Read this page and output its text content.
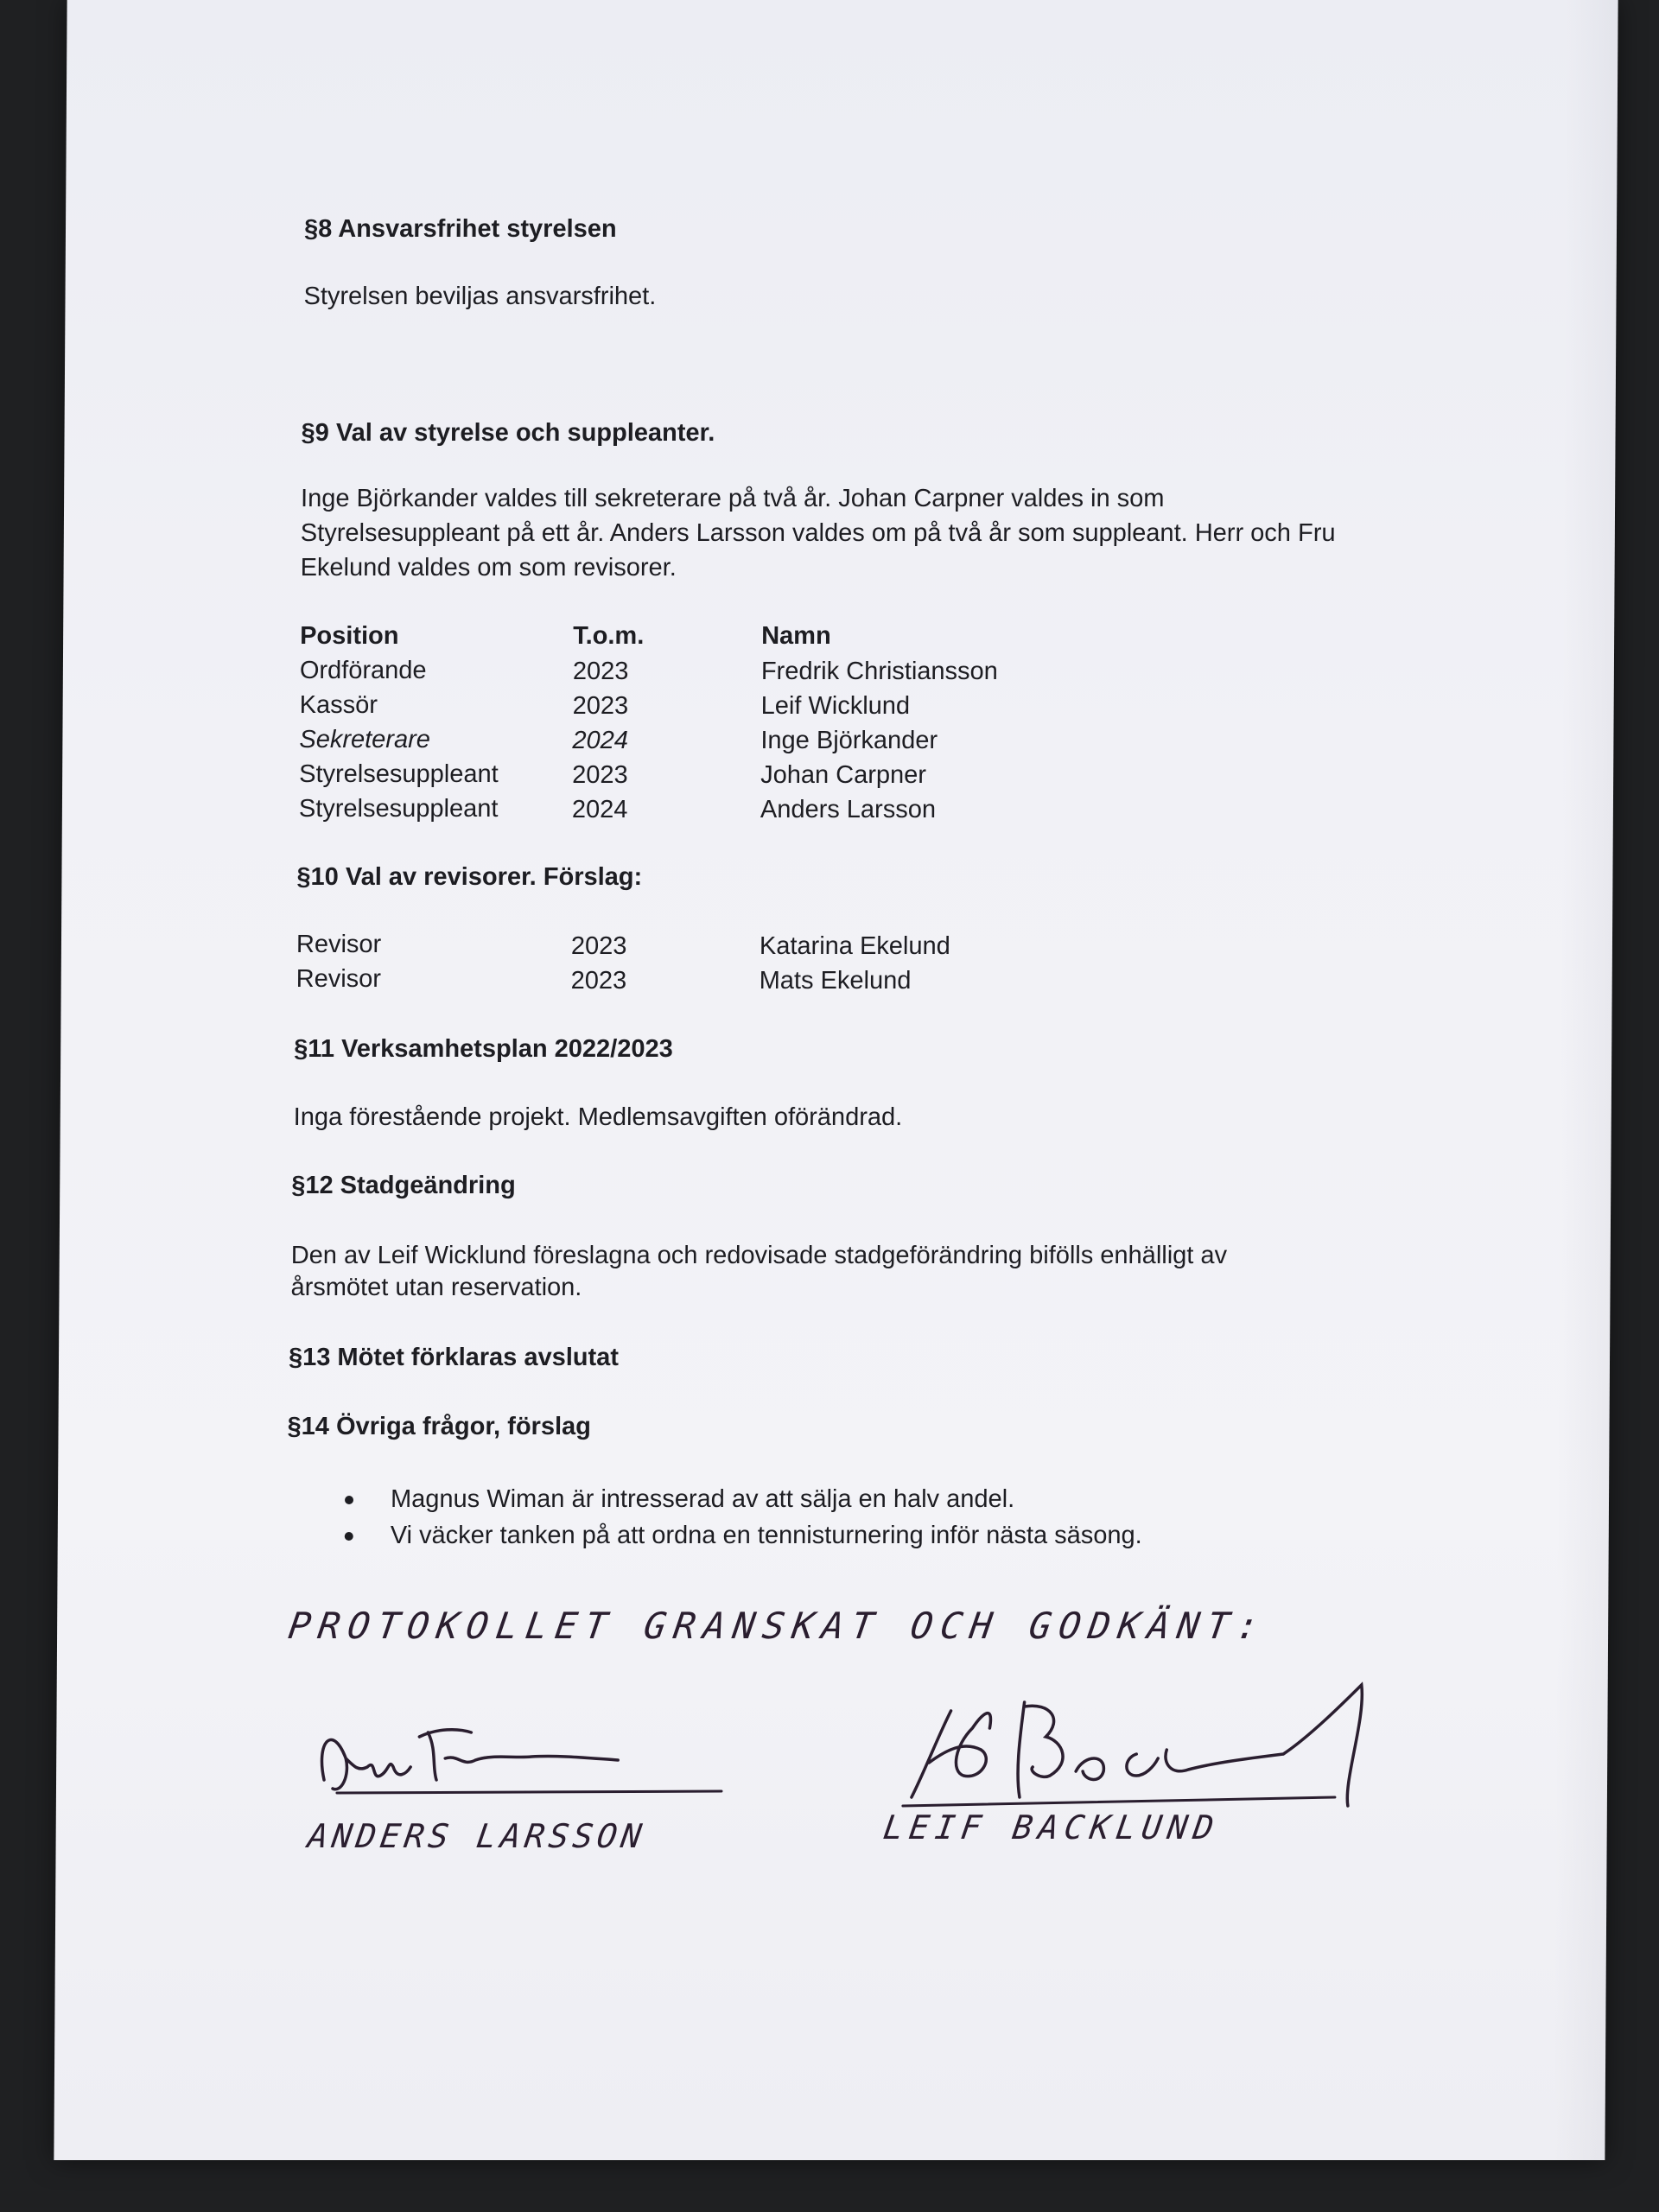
§8 Ansvarsfrihet styrelsen
Styrelsen beviljas ansvarsfrihet.
§9 Val av styrelse och suppleanter.
Inge Björkander valdes till sekreterare på två år. Johan Carpner valdes in som
Styrelsesuppleant på ett år. Anders Larsson valdes om på två år som suppleant. Herr och Fru
Ekelund valdes om som revisorer.
Position	T.o.m.	Namn
Ordförande	2023	Fredrik Christiansson
Kassör	2023	Leif Wicklund
Sekreterare	2024	Inge Björkander
Styrelsesuppleant	2023	Johan Carpner
Styrelsesuppleant	2024	Anders Larsson
§10 Val av revisorer. Förslag:
Revisor	2023	Katarina Ekelund
Revisor	2023	Mats Ekelund
§11 Verksamhetsplan 2022/2023
Inga förestående projekt. Medlemsavgiften oförändrad.
§12 Stadgeändring
Den av Leif Wicklund föreslagna och redovisade stadgeförändring bifölls enhälligt av
årsmötet utan reservation.
§13 Mötet förklaras avslutat
§14 Övriga frågor, förslag
Magnus Wiman är intresserad av att sälja en halv andel.
Vi väcker tanken på att ordna en tennisturnering inför nästa säsong.
PROTOKOLLET GRANSKAT OCH GODKÄNT:
ANDERS LARSSON	LEIF BACKLUND
